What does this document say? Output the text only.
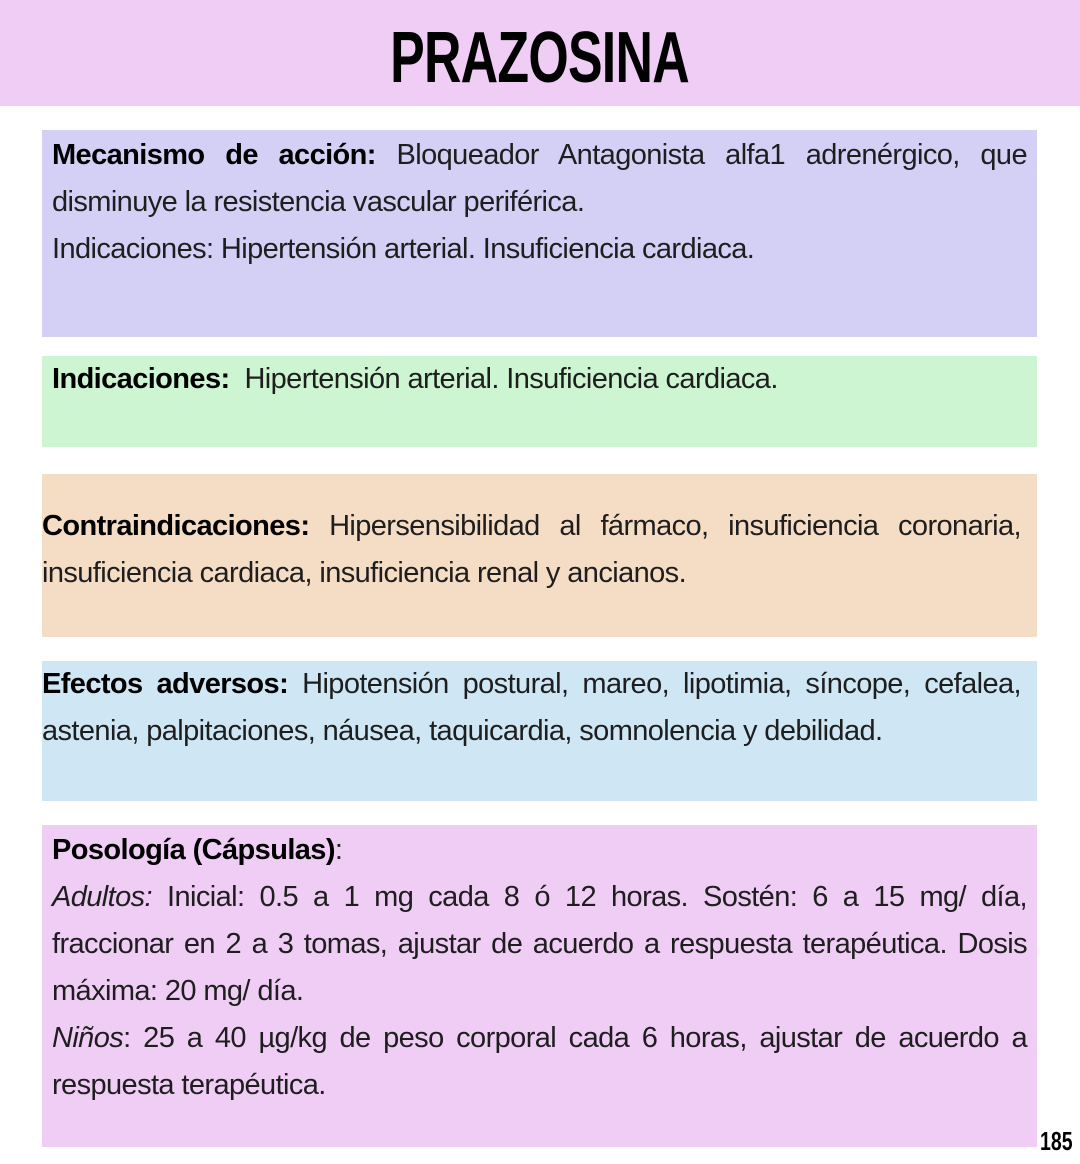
PRAZOSINA

Mecanismo de acción: Bloqueador Antagonista alfa1 adrenérgico, que disminuye la resistencia vascular periférica.

Indicaciones: Hipertensión arterial. Insuficiencia cardiaca.

Indicaciones:  Hipertensión arterial. Insuficiencia cardiaca.

Contraindicaciones: Hipersensibilidad al fármaco, insuficiencia coronaria, insuficiencia cardiaca, insuficiencia renal y ancianos.

Efectos adversos: Hipotensión postural, mareo, lipotimia, síncope, cefalea, astenia, palpitaciones, náusea, taquicardia, somnolencia y debilidad.

Posología (Cápsulas):

Adultos: Inicial: 0.5 a 1 mg cada 8 ó 12 horas. Sostén: 6 a 15 mg/ día, fraccionar en 2 a 3 tomas, ajustar de acuerdo a respuesta terapéutica. Dosis máxima: 20 mg/ día.

Niños: 25 a 40 µg/kg de peso corporal cada 6 horas, ajustar de acuerdo a respuesta terapéutica.

185
